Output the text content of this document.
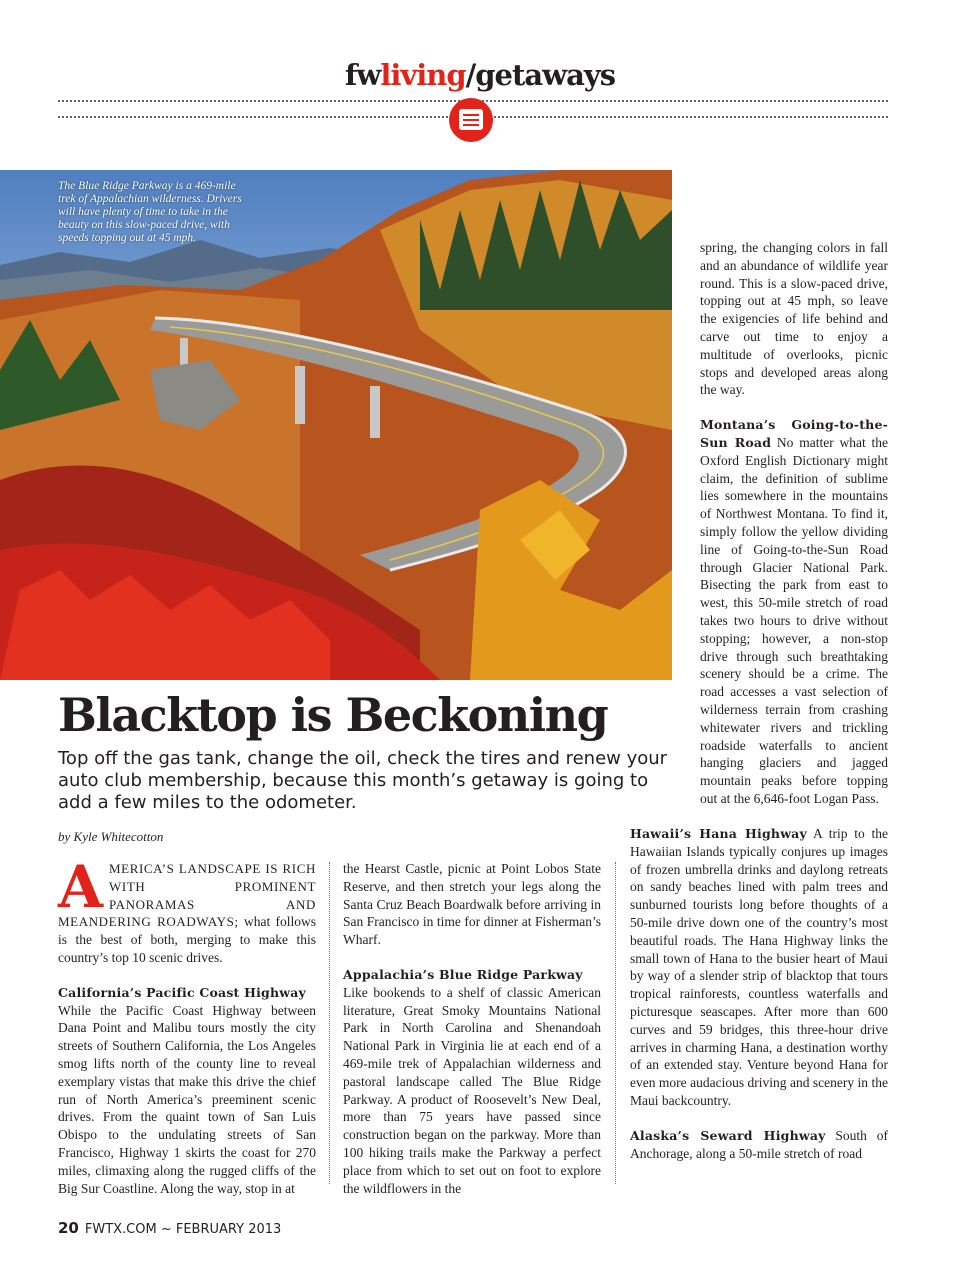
fwliving/getaways
The Blue Ridge Parkway is a 469-mile trek of Appalachian wilderness. Drivers will have plenty of time to take in the beauty on this slow-paced drive, with speeds topping out at 45 mph.
Blacktop is Beckoning
Top off the gas tank, change the oil, check the tires and renew your auto club membership, because this month’s getaway is going to add a few miles to the odometer.
by Kyle Whitecotton

AMERICA’S LANDSCAPE IS RICH WITH PROMINENT PANORAMAS AND MEANDERING ROADWAYS; what follows is the best of both, merging to make this country’s top 10 scenic drives.

California’s Pacific Coast Highway
While the Pacific Coast Highway between Dana Point and Malibu tours mostly the city streets of Southern California, the Los Angeles smog lifts north of the county line to reveal exemplary vistas that make this drive the chief run of North America’s preeminent scenic drives. From the quaint town of San Luis Obispo to the undulating streets of San Francisco, Highway 1 skirts the coast for 270 miles, climaxing along the rugged cliffs of the Big Sur Coastline. Along the way, stop in at

the Hearst Castle, picnic at Point Lobos State Reserve, and then stretch your legs along the Santa Cruz Beach Boardwalk before arriving in San Francisco in time for dinner at Fisherman’s Wharf.

Appalachia’s Blue Ridge Parkway
Like bookends to a shelf of classic American literature, Great Smoky Mountains National Park in North Carolina and Shenandoah National Park in Virginia lie at each end of a 469-mile trek of Appalachian wilderness and pastoral landscape called The Blue Ridge Parkway. A product of Roosevelt’s New Deal, more than 75 years have passed since construction began on the parkway. More than 100 hiking trails make the Parkway a perfect place from which to set out on foot to explore the wildflowers in the

spring, the changing colors in fall and an abundance of wildlife year round. This is a slow-paced drive, topping out at 45 mph, so leave the exigencies of life behind and carve out time to enjoy a multitude of overlooks, picnic stops and developed areas along the way.

Montana’s Going-to-the-Sun Road No matter what the Oxford English Dictionary might claim, the definition of sublime lies somewhere in the mountains of Northwest Montana. To find it, simply follow the yellow dividing line of Going-to-the-Sun Road through Glacier National Park. Bisecting the park from east to west, this 50-mile stretch of road takes two hours to drive without stopping; however, a non-stop drive through such breathtaking scenery should be a crime. The road accesses a vast selection of wilderness terrain from crashing whitewater rivers and trickling roadside waterfalls to ancient hanging glaciers and jagged mountain peaks before topping out at the 6,646-foot Logan Pass.

Hawaii’s Hana Highway A trip to the Hawaiian Islands typically conjures up images of frozen umbrella drinks and daylong retreats on sandy beaches lined with palm trees and sunburned tourists long before thoughts of a 50-mile drive down one of the country’s most beautiful roads. The Hana Highway links the small town of Hana to the busier heart of Maui by way of a slender strip of blacktop that tours tropical rainforests, countless waterfalls and picturesque seascapes. After more than 600 curves and 59 bridges, this three-hour drive arrives in charming Hana, a destination worthy of an extended stay. Venture beyond Hana for even more audacious driving and scenery in the Maui backcountry.

Alaska’s Seward Highway South of Anchorage, along a 50-mile stretch of road

20 FWTX.COM ~ FEBRUARY 2013
